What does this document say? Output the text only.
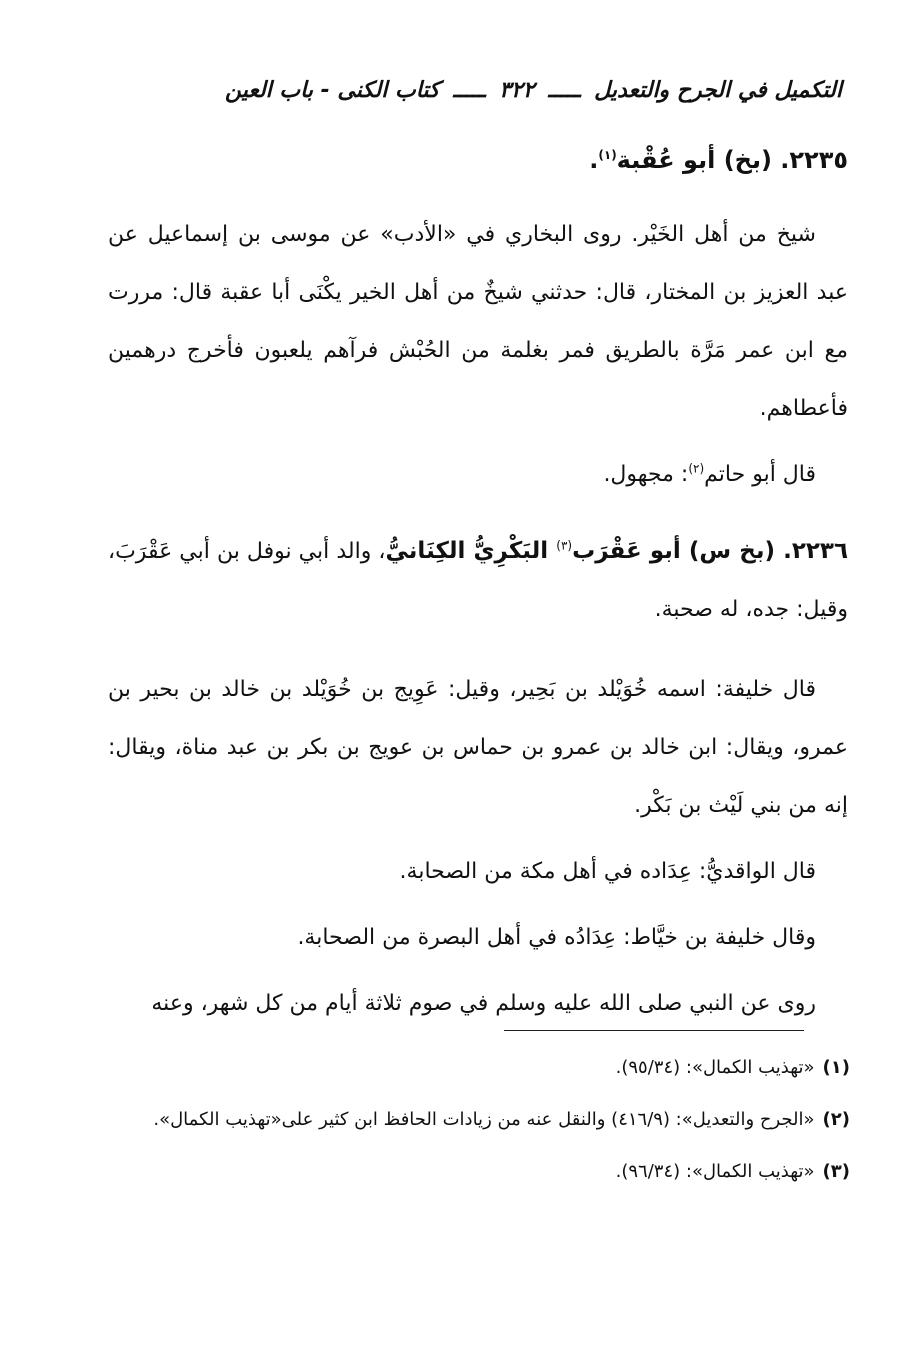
التكميل في الجرح والتعديل ـــــ ٣٢٢ ـــــ كتاب الكنى - باب العين
٢٢٣٥. (بخ) أبو عُقْبة$^{(١)}$.

شيخ من أهل الخَيْر. روى البخاري في «الأدب» عن موسى بن إسماعيل عن عبد العزيز بن المختار، قال: حدثني شيخٌ من أهل الخير يكْنَى أبا عقبة قال: مررت مع ابن عمر مَرَّة بالطريق فمر بغلمة من الحُبْش فرآهم يلعبون فأخرج درهمين فأعطاهم.

قال أبو حاتم$^{(٢)}$: مجهول.

٢٢٣٦. (بخ س) أبو عَقْرَب$^{(٣)}$ البَكْرِيُّ الكِنَانيُّ، والد أبي نوفل بن أبي عَقْرَبَ، وقيل: جده، له صحبة.

قال خليفة: اسمه خُوَيْلد بن بَحِير، وقيل: عَوِيج بن خُوَيْلد بن خالد بن بحير بن عمرو، ويقال: ابن خالد بن عمرو بن حماس بن عويج بن بكر بن عبد مناة، ويقال: إنه من بني لَيْث بن بَكْر.

قال الواقديُّ: عِدَاده في أهل مكة من الصحابة.

وقال خليفة بن خيَّاط: عِدَادُه في أهل البصرة من الصحابة.

روى عن النبي صلى الله عليه وسلم في صوم ثلاثة أيام من كل شهر، وعنه

(١)«تهذيب الكمال»: (٩٥/٣٤).

(٢)«الجرح والتعديل»: (٤١٦/٩) والنقل عنه من زيادات الحافظ ابن كثير على«تهذيب الكمال».

(٣)«تهذيب الكمال»: (٩٦/٣٤).
